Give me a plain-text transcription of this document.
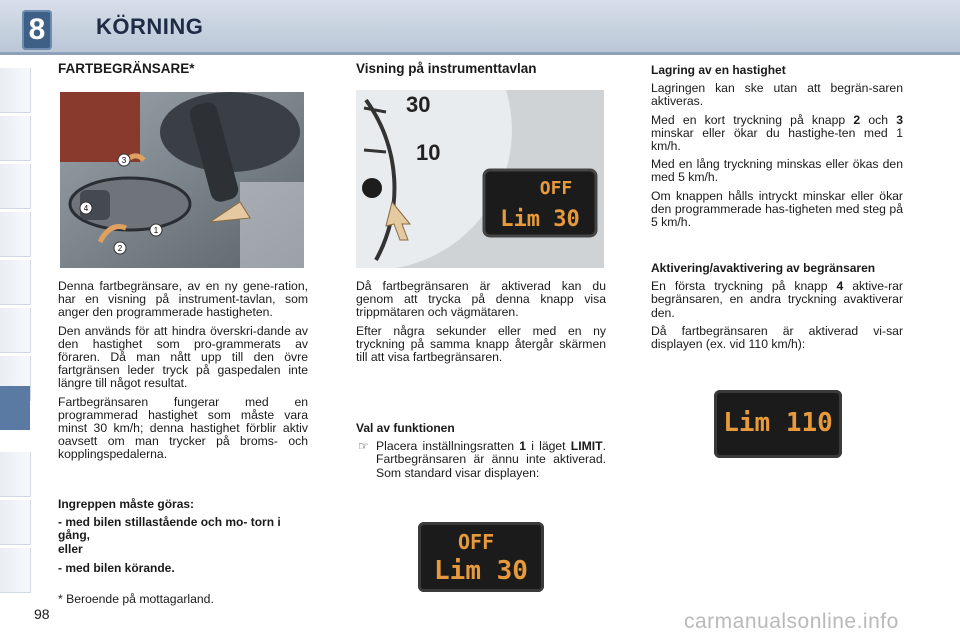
8	KÖRNING
FARTBEGRÄNSARE*
3
4
1
2

Denna fartbegränsare, av en ny gene-ration, har en visning på instrument-tavlan, som anger den programmerade hastigheten.

Den används för att hindra överskri-dande av den hastighet som pro-grammerats av föraren. Då man nått upp till den övre fartgränsen leder tryck på gaspedalen inte längre till något resultat.

Fartbegränsaren fungerar med en programmerad hastighet som måste vara minst 30 km/h; denna hastighet förblir aktiv oavsett om man trycker på broms- och kopplingspedalerna.

Ingreppen måste göras:

- med bilen stillastående och mo- torn i gång,
eller
- med bilen körande.
Visning på instrumenttavlan
30
10
OFF
Lim 30

Då fartbegränsaren är aktiverad kan du genom att trycka på denna knapp visa trippmätaren och vägmätaren.

Efter några sekunder eller med en ny tryckning på samma knapp återgår skärmen till att visa fartbegränsaren.

Val av funktionen

☞ Placera inställningsratten 1 i läget LIMIT. Fartbegränsaren är ännu inte aktiverad. Som standard visar displayen:
OFF
Lim 30

Lagring av en hastighet

Lagringen kan ske utan att begrän-saren aktiveras.

Med en kort tryckning på knapp 2 och 3 minskar eller ökar du hastighe-ten med 1 km/h.

Med en lång tryckning minskas eller ökas den med 5 km/h.

Om knappen hålls intryckt minskar eller ökar den programmerade has-tigheten med steg på 5 km/h.

Aktivering/avaktivering av begränsaren

En första tryckning på knapp 4 aktive-rar begränsaren, en andra tryckning avaktiverar den.

Då fartbegränsaren är aktiverad vi-sar displayen (ex. vid 110 km/h):

Lim 110
* Beroende på mottagarland.
98	carmanualsonline.info
